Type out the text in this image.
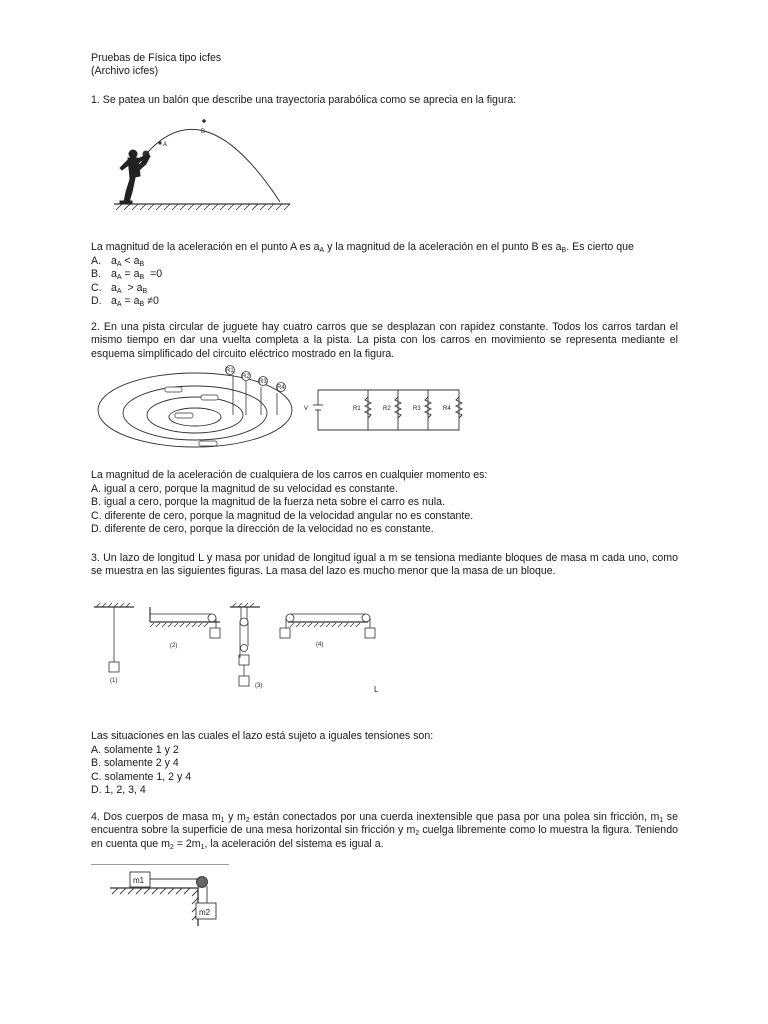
Pruebas de Física tipo icfes
(Archivo icfes)
1. Se patea un balón que describe una trayectoria parabólica como se aprecia en la figura:
A
B
La magnitud de la aceleración en el punto A es $a_A$ y la magnitud de la aceleración en el punto B es $a_B$. Es cierto que
A. $a_A < a_B$
B. $a_A = a_B =0$
C. $a_A > a_B$
D. $a_A = a_B \ne 0$
2. En una pista circular de juguete hay cuatro carros que se desplazan con rapidez constante. Todos los carros tardan el mismo tiempo en dar una vuelta completa a la pista. La pista con los carros en movimiento se representa mediante el esquema simplificado del circuito eléctrico mostrado en la figura.
R1
R2
R3
R4
V	R1	R2	R3	R4
La magnitud de la aceleración de cualquiera de los carros en cualquier momento es:
A. igual a cero, porque la magnitud de su velocidad es constante.
B. igual a cero, porque la magnitud de la fuerza neta sobre el carro es nula.
C. diferente de cero, porque la magnitud de la velocidad angular no es constante.
D. diferente de cero, porque la dirección de la velocidad no es constante.
3. Un lazo de longitud L y masa por unidad de longitud igual a m se tensiona mediante bloques de masa m cada uno, como se muestra en las siguientes figuras. La masa del lazo es mucho menor que la masa de un bloque.
(1)
(2)
(3)
(4)
L
Las situaciones en las cuales el lazo está sujeto a iguales tensiones son:
A. solamente 1 y 2
B. solamente 2 y 4
C. solamente 1, 2 y 4
D. 1, 2, 3, 4
4. Dos cuerpos de masa $m_1$ y $m_2$ están conectados por una cuerda inextensible que pasa por una polea sin fricción, $m_1$ se encuentra sobre la superficie de una mesa horizontal sin fricción y $m_2$ cuelga libremente como lo muestra la figura. Teniendo en cuenta que $m_2 = 2m_1$, la aceleración del sistema es igual a.
m1
m2
